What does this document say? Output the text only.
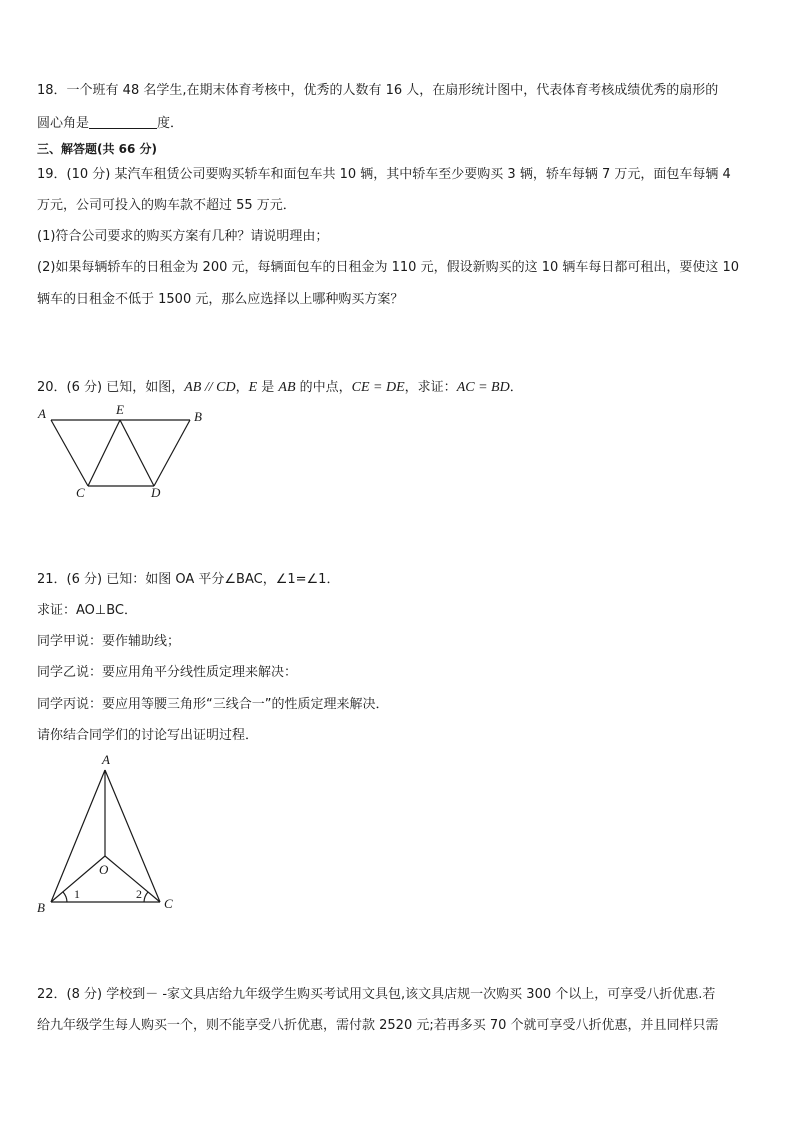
18．一个班有 48 名学生,在期末体育考核中，优秀的人数有 16 人，在扇形统计图中，代表体育考核成绩优秀的扇形的
圆心角是	度．
三、解答题(共 66 分)
19．(10 分) 某汽车租赁公司要购买轿车和面包车共 10 辆，其中轿车至少要购买 3 辆，轿车每辆 7 万元，面包车每辆 4
万元，公司可投入的购车款不超过 55 万元．
(1)符合公司要求的购买方案有几种？请说明理由；
(2)如果每辆轿车的日租金为 200 元，每辆面包车的日租金为 110 元，假设新购买的这 10 辆车每日都可租出，要使这 10
辆车的日租金不低于 1500 元，那么应选择以上哪种购买方案？
20．(6 分) 已知，如图，AB // CD，E 是 AB 的中点，CE = DE，求证：AC = BD．
A	E	B
C	D
21．(6 分) 已知：如图 OA 平分∠BAC，∠1=∠1．
求证：AO⊥BC．
同学甲说：要作辅助线；
同学乙说：要应用角平分线性质定理来解决：
同学丙说：要应用等腰三角形“三线合一”的性质定理来解决．
请你结合同学们的讨论写出证明过程．
A
O
B	C
1	2
22．(8 分) 学校到－ -家文具店给九年级学生购买考试用文具包,该文具店规一次购买 300 个以上，可享受八折优惠.若
给九年级学生每人购买一个，则不能享受八折优惠，需付款 2520 元;若再多买 70 个就可享受八折优惠，并且同样只需
